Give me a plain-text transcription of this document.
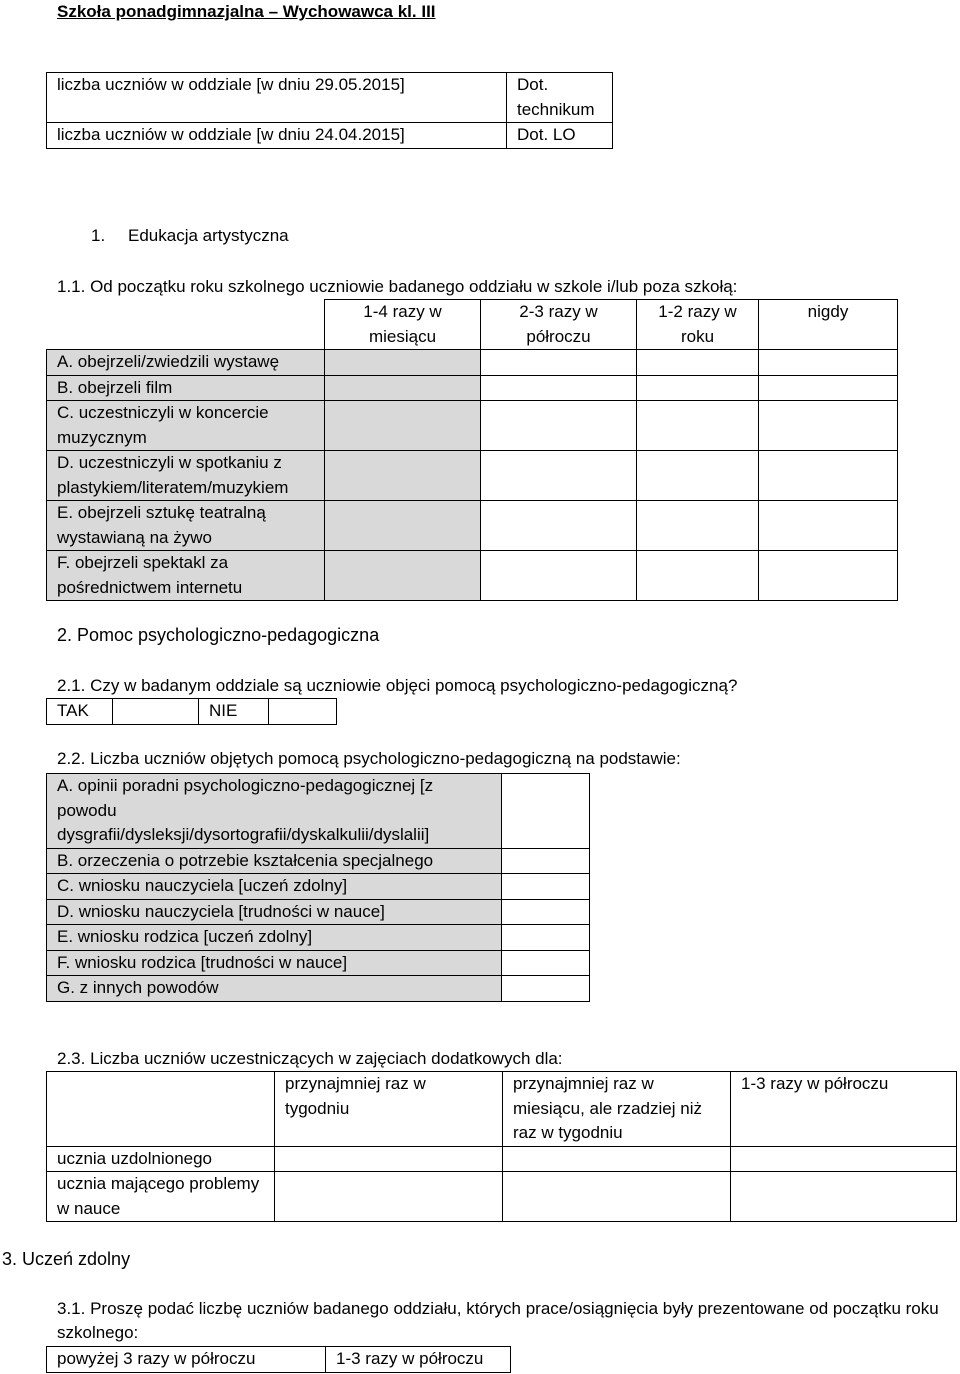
Szkoła ponadgimnazjalna – Wychowawca kl. III
liczba uczniów w oddziale [w dniu 29.05.2015]	Dot. technikum
liczba uczniów w oddziale [w dniu 24.04.2015]	Dot. LO
1. Edukacja artystyczna
1.1. Od początku roku szkolnego uczniowie badanego oddziału w szkole i/lub poza szkołą:
	1-4 razy w miesiącu	2-3 razy w półroczu	1-2 razy w roku	nigdy
A. obejrzeli/zwiedzili wystawę				
B. obejrzeli film				
C. uczestniczyli w koncercie muzycznym				
D. uczestniczyli w spotkaniu z plastykiem/literatem/muzykiem				
E. obejrzeli sztukę teatralną wystawianą na żywo				
F. obejrzeli spektakl za pośrednictwem internetu				
2. Pomoc psychologiczno-pedagogiczna
2.1. Czy w badanym oddziale są uczniowie objęci pomocą psychologiczno-pedagogiczną?
TAK		NIE	
2.2. Liczba uczniów objętych pomocą psychologiczno-pedagogiczną na podstawie:
A. opinii poradni psychologiczno-pedagogicznej [z powodu dysgrafii/dysleksji/dysortografii/dyskalkulii/dyslalii]	
B. orzeczenia o potrzebie kształcenia specjalnego	
C. wniosku nauczyciela [uczeń zdolny]	
D. wniosku nauczyciela [trudności w nauce]	
E. wniosku rodzica [uczeń zdolny]	
F. wniosku rodzica [trudności w nauce]	
G. z innych powodów	
2.3. Liczba uczniów uczestniczących w zajęciach dodatkowych dla:
	przynajmniej raz w tygodniu	przynajmniej raz w miesiącu, ale rzadziej niż raz w tygodniu	1-3 razy w półroczu
ucznia uzdolnionego			
ucznia mającego problemy w nauce			
3. Uczeń zdolny
3.1. Proszę podać liczbę uczniów badanego oddziału, których prace/osiągnięcia były prezentowane od początku roku szkolnego:
powyżej 3 razy w półroczu	1-3 razy w półroczu
